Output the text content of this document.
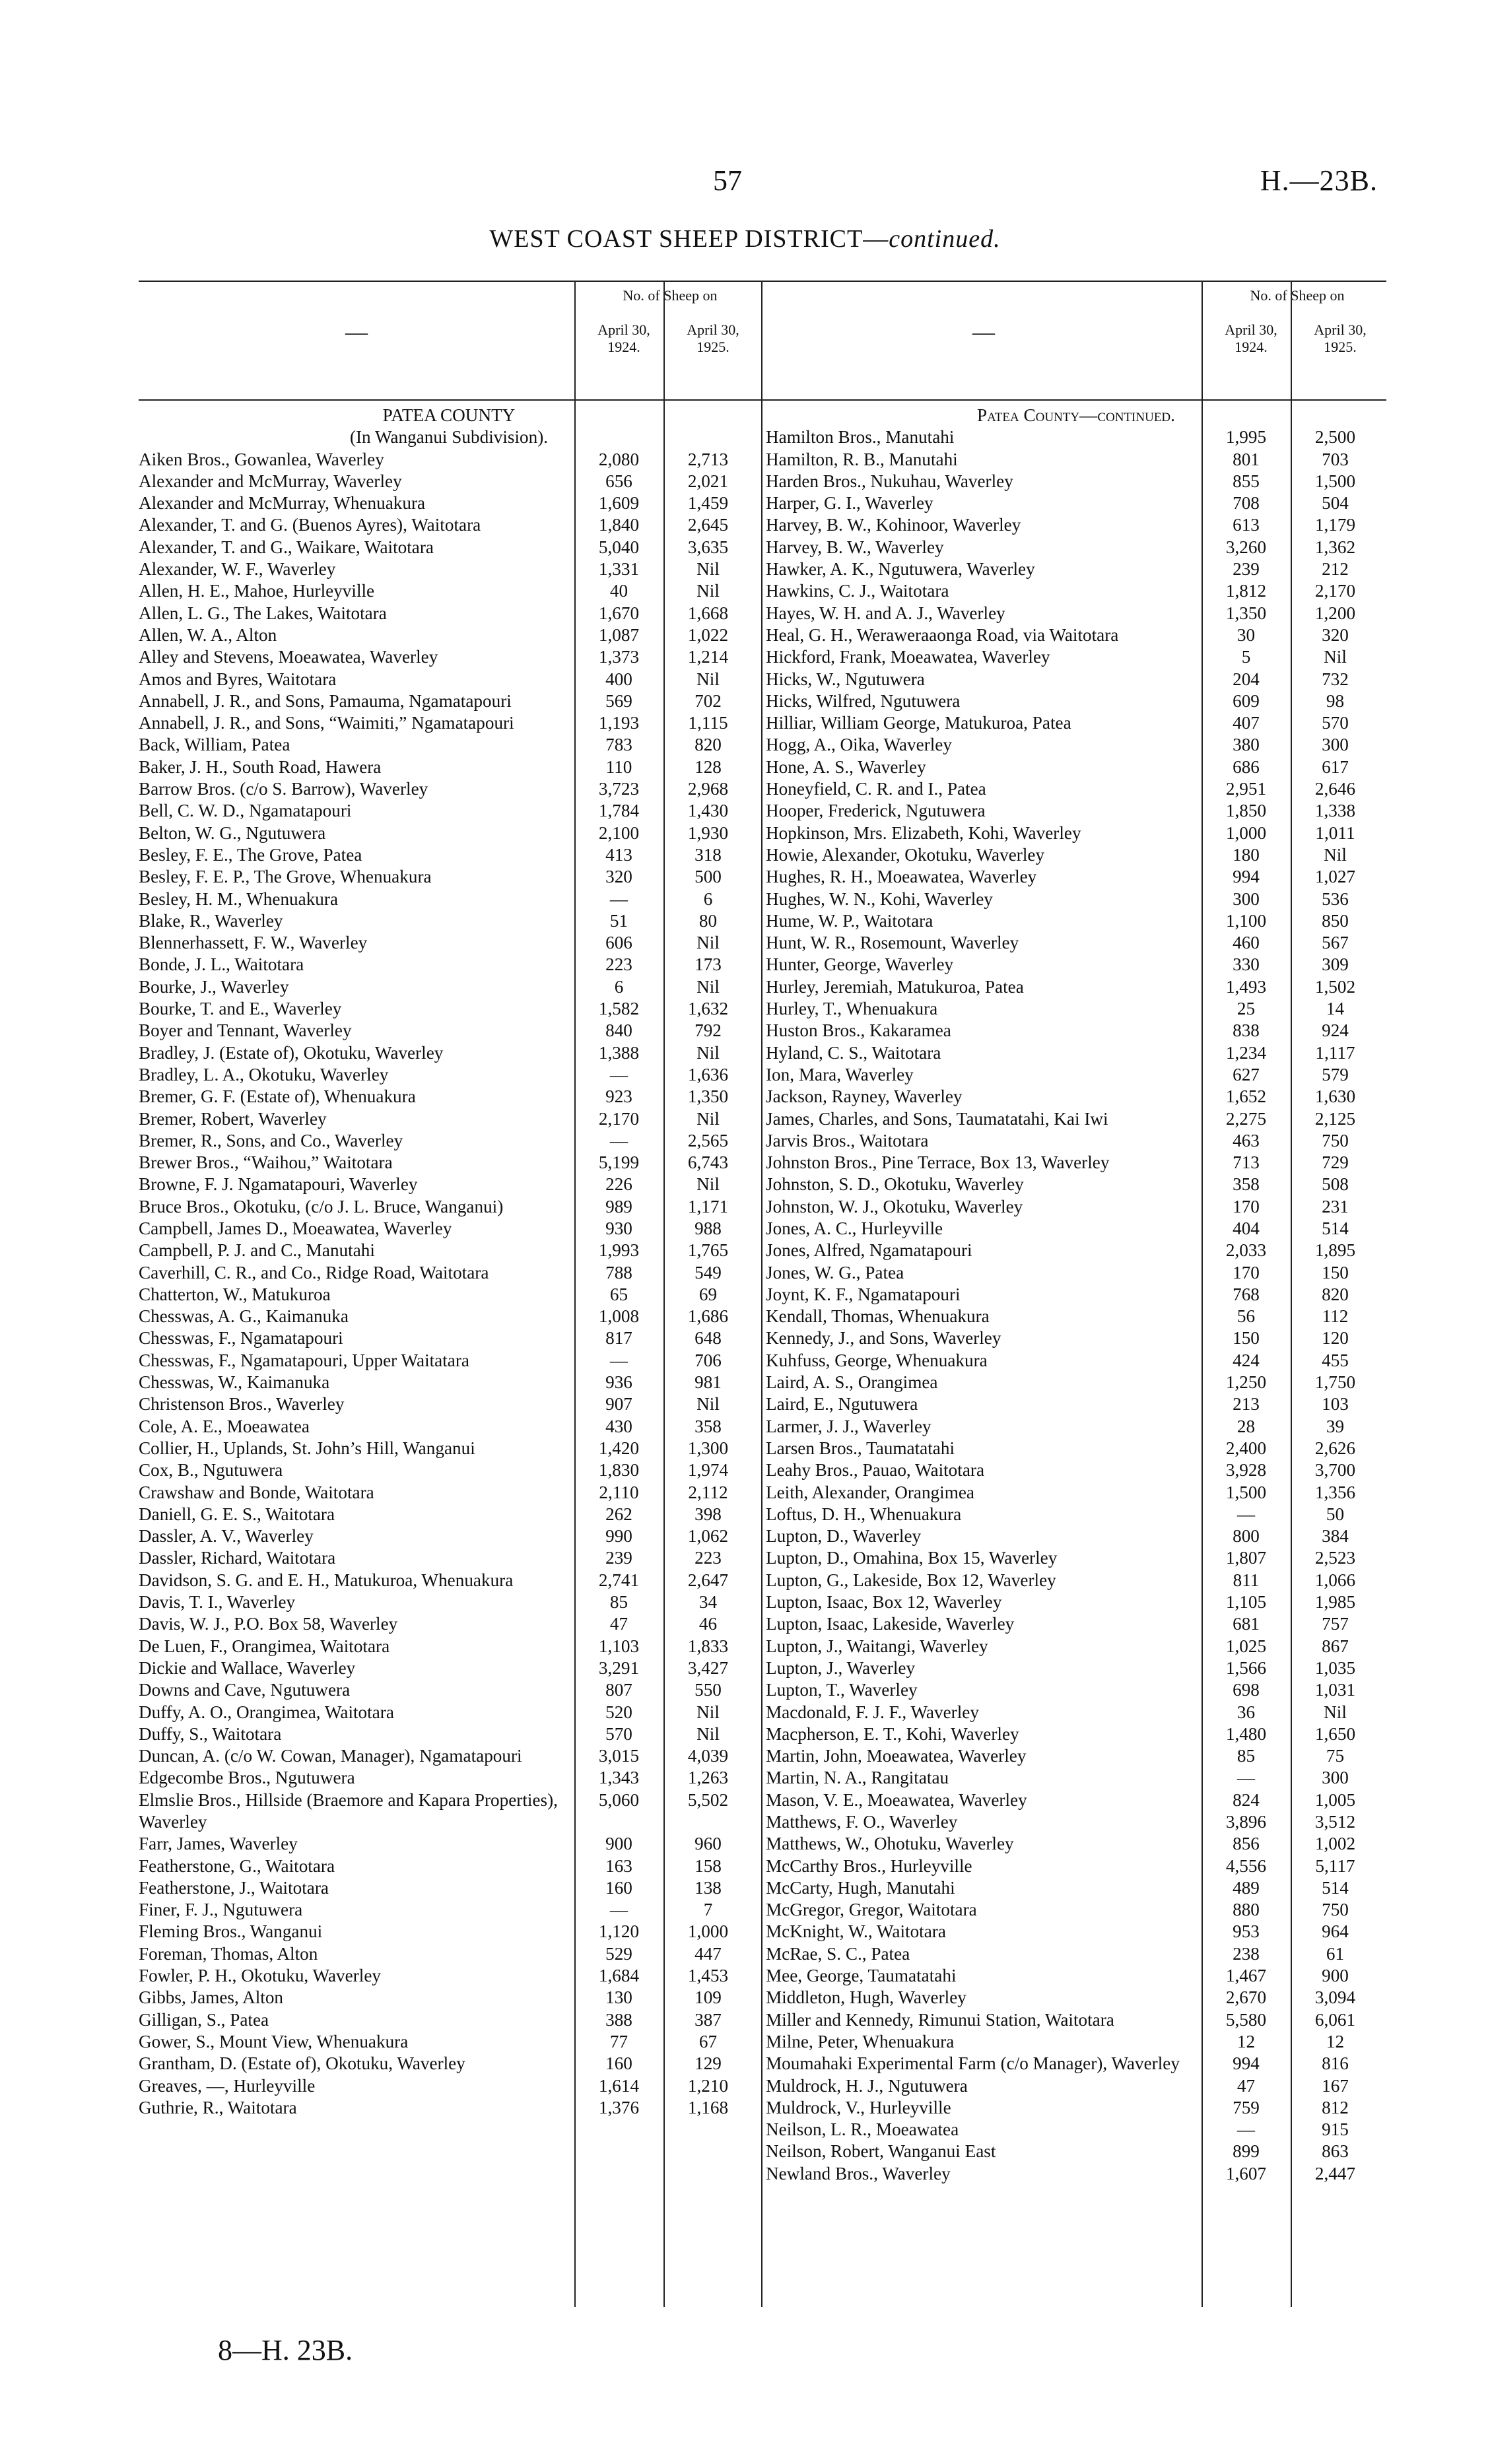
57	H.—23B.
WEST COAST SHEEP DISTRICT—continued.
—
No. of Sheep on
April 30, 1924.
April 30, 1925.
PATEA COUNTY
(In Wanganui Subdivision).
Aiken Bros., Gowanlea, Waverley	2,080	2,713
Alexander and McMurray, Waverley	656	2,021
Alexander and McMurray, Whenuakura	1,609	1,459
Alexander, T. and G. (Buenos Ayres), Waitotara	1,840	2,645
Alexander, T. and G., Waikare, Waitotara	5,040	3,635
Alexander, W. F., Waverley	1,331	Nil
Allen, H. E., Mahoe, Hurleyville	40	Nil
Allen, L. G., The Lakes, Waitotara	1,670	1,668
Allen, W. A., Alton	1,087	1,022
Alley and Stevens, Moeawatea, Waverley	1,373	1,214
Amos and Byres, Waitotara	400	Nil
Annabell, J. R., and Sons, Pamauma, Ngamatapouri	569	702
Annabell, J. R., and Sons, “Waimiti,” Ngamatapouri	1,193	1,115
Back, William, Patea	783	820
Baker, J. H., South Road, Hawera	110	128
Barrow Bros. (c/o S. Barrow), Waverley	3,723	2,968
Bell, C. W. D., Ngamatapouri	1,784	1,430
Belton, W. G., Ngutuwera	2,100	1,930
Besley, F. E., The Grove, Patea	413	318
Besley, F. E. P., The Grove, Whenuakura	320	500
Besley, H. M., Whenuakura	—	6
Blake, R., Waverley	51	80
Blennerhassett, F. W., Waverley	606	Nil
Bonde, J. L., Waitotara	223	173
Bourke, J., Waverley	6	Nil
Bourke, T. and E., Waverley	1,582	1,632
Boyer and Tennant, Waverley	840	792
Bradley, J. (Estate of), Okotuku, Waverley	1,388	Nil
Bradley, L. A., Okotuku, Waverley	—	1,636
Bremer, G. F. (Estate of), Whenuakura	923	1,350
Bremer, Robert, Waverley	2,170	Nil
Bremer, R., Sons, and Co., Waverley	—	2,565
Brewer Bros., “Waihou,” Waitotara	5,199	6,743
Browne, F. J. Ngamatapouri, Waverley	226	Nil
Bruce Bros., Okotuku, (c/o J. L. Bruce, Wanganui)	989	1,171
Campbell, James D., Moeawatea, Waverley	930	988
Campbell, P. J. and C., Manutahi	1,993	1,765
Caverhill, C. R., and Co., Ridge Road, Waitotara	788	549
Chatterton, W., Matukuroa	65	69
Chesswas, A. G., Kaimanuka	1,008	1,686
Chesswas, F., Ngamatapouri	817	648
Chesswas, F., Ngamatapouri, Upper Waitatara	—	706
Chesswas, W., Kaimanuka	936	981
Christenson Bros., Waverley	907	Nil
Cole, A. E., Moeawatea	430	358
Collier, H., Uplands, St. John’s Hill, Wanganui	1,420	1,300
Cox, B., Ngutuwera	1,830	1,974
Crawshaw and Bonde, Waitotara	2,110	2,112
Daniell, G. E. S., Waitotara	262	398
Dassler, A. V., Waverley	990	1,062
Dassler, Richard, Waitotara	239	223
Davidson, S. G. and E. H., Matukuroa, Whenuakura	2,741	2,647
Davis, T. I., Waverley	85	34
Davis, W. J., P.O. Box 58, Waverley	47	46
De Luen, F., Orangimea, Waitotara	1,103	1,833
Dickie and Wallace, Waverley	3,291	3,427
Downs and Cave, Ngutuwera	807	550
Duffy, A. O., Orangimea, Waitotara	520	Nil
Duffy, S., Waitotara	570	Nil
Duncan, A. (c/o W. Cowan, Manager), Ngamatapouri	3,015	4,039
Edgecombe Bros., Ngutuwera	1,343	1,263
Elmslie Bros., Hillside (Braemore and Kapara Properties), Waverley
5,060	5,502
Farr, James, Waverley	900	960
Featherstone, G., Waitotara	163	158
Featherstone, J., Waitotara	160	138
Finer, F. J., Ngutuwera	—	7
Fleming Bros., Wanganui	1,120	1,000
Foreman, Thomas, Alton	529	447
Fowler, P. H., Okotuku, Waverley	1,684	1,453
Gibbs, James, Alton	130	109
Gilligan, S., Patea	388	387
Gower, S., Mount View, Whenuakura	77	67
Grantham, D. (Estate of), Okotuku, Waverley	160	129
Greaves, —, Hurleyville	1,614	1,210
Guthrie, R., Waitotara	1,376	1,168
—
No. of Sheep on
April 30, 1924.
April 30, 1925.
Patea County—continued.
Hamilton Bros., Manutahi	1,995	2,500
Hamilton, R. B., Manutahi	801	703
Harden Bros., Nukuhau, Waverley	855	1,500
Harper, G. I., Waverley	708	504
Harvey, B. W., Kohinoor, Waverley	613	1,179
Harvey, B. W., Waverley	3,260	1,362
Hawker, A. K., Ngutuwera, Waverley	239	212
Hawkins, C. J., Waitotara	1,812	2,170
Hayes, W. H. and A. J., Waverley	1,350	1,200
Heal, G. H., Weraweraaonga Road, via Waitotara	30	320
Hickford, Frank, Moeawatea, Waverley	5	Nil
Hicks, W., Ngutuwera	204	732
Hicks, Wilfred, Ngutuwera	609	98
Hilliar, William George, Matukuroa, Patea	407	570
Hogg, A., Oika, Waverley	380	300
Hone, A. S., Waverley	686	617
Honeyfield, C. R. and I., Patea	2,951	2,646
Hooper, Frederick, Ngutuwera	1,850	1,338
Hopkinson, Mrs. Elizabeth, Kohi, Waverley	1,000	1,011
Howie, Alexander, Okotuku, Waverley	180	Nil
Hughes, R. H., Moeawatea, Waverley	994	1,027
Hughes, W. N., Kohi, Waverley	300	536
Hume, W. P., Waitotara	1,100	850
Hunt, W. R., Rosemount, Waverley	460	567
Hunter, George, Waverley	330	309
Hurley, Jeremiah, Matukuroa, Patea	1,493	1,502
Hurley, T., Whenuakura	25	14
Huston Bros., Kakaramea	838	924
Hyland, C. S., Waitotara	1,234	1,117
Ion, Mara, Waverley	627	579
Jackson, Rayney, Waverley	1,652	1,630
James, Charles, and Sons, Taumatatahi, Kai Iwi	2,275	2,125
Jarvis Bros., Waitotara	463	750
Johnston Bros., Pine Terrace, Box 13, Waverley	713	729
Johnston, S. D., Okotuku, Waverley	358	508
Johnston, W. J., Okotuku, Waverley	170	231
Jones, A. C., Hurleyville	404	514
Jones, Alfred, Ngamatapouri	2,033	1,895
Jones, W. G., Patea	170	150
Joynt, K. F., Ngamatapouri	768	820
Kendall, Thomas, Whenuakura	56	112
Kennedy, J., and Sons, Waverley	150	120
Kuhfuss, George, Whenuakura	424	455
Laird, A. S., Orangimea	1,250	1,750
Laird, E., Ngutuwera	213	103
Larmer, J. J., Waverley	28	39
Larsen Bros., Taumatatahi	2,400	2,626
Leahy Bros., Pauao, Waitotara	3,928	3,700
Leith, Alexander, Orangimea	1,500	1,356
Loftus, D. H., Whenuakura	—	50
Lupton, D., Waverley	800	384
Lupton, D., Omahina, Box 15, Waverley	1,807	2,523
Lupton, G., Lakeside, Box 12, Waverley	811	1,066
Lupton, Isaac, Box 12, Waverley	1,105	1,985
Lupton, Isaac, Lakeside, Waverley	681	757
Lupton, J., Waitangi, Waverley	1,025	867
Lupton, J., Waverley	1,566	1,035
Lupton, T., Waverley	698	1,031
Macdonald, F. J. F., Waverley	36	Nil
Macpherson, E. T., Kohi, Waverley	1,480	1,650
Martin, John, Moeawatea, Waverley	85	75
Martin, N. A., Rangitatau	—	300
Mason, V. E., Moeawatea, Waverley	824	1,005
Matthews, F. O., Waverley	3,896	3,512
Matthews, W., Ohotuku, Waverley	856	1,002
McCarthy Bros., Hurleyville	4,556	5,117
McCarty, Hugh, Manutahi	489	514
McGregor, Gregor, Waitotara	880	750
McKnight, W., Waitotara	953	964
McRae, S. C., Patea	238	61
Mee, George, Taumatatahi	1,467	900
Middleton, Hugh, Waverley	2,670	3,094
Miller and Kennedy, Rimunui Station, Waitotara	5,580	6,061
Milne, Peter, Whenuakura	12	12
Moumahaki Experimental Farm (c/o Manager), Waverley	994	816
Muldrock, H. J., Ngutuwera	47	167
Muldrock, V., Hurleyville	759	812
Neilson, L. R., Moeawatea	—	915
Neilson, Robert, Wanganui East	899	863
Newland Bros., Waverley	1,607	2,447
8—H. 23B.
